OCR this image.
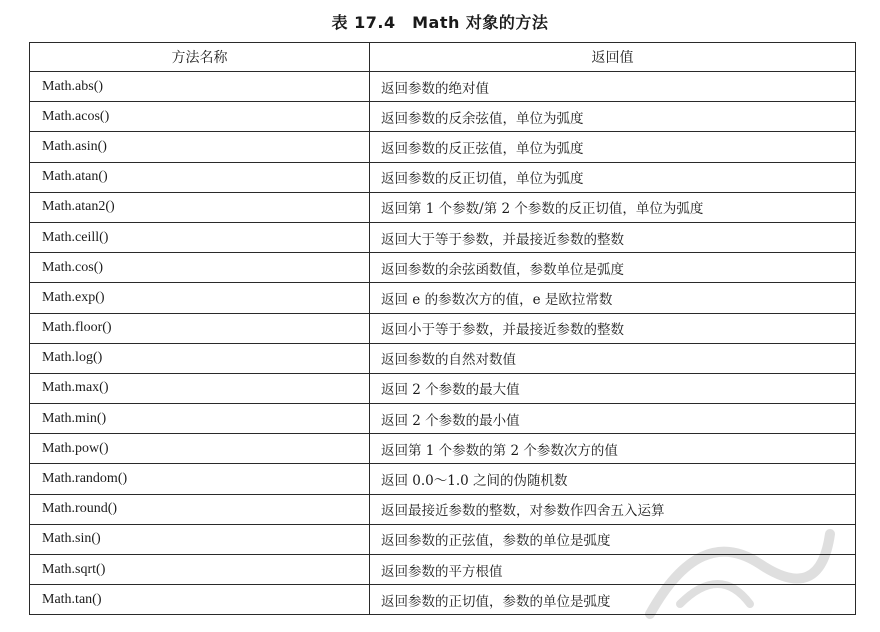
表 17.4　Math 对象的方法
方法名称	返回值
Math.abs()	返回参数的绝对值
Math.acos()	返回参数的反余弦值，单位为弧度
Math.asin()	返回参数的反正弦值，单位为弧度
Math.atan()	返回参数的反正切值，单位为弧度
Math.atan2()	返回第 1 个参数/第 2 个参数的反正切值，单位为弧度
Math.ceill()	返回大于等于参数，并最接近参数的整数
Math.cos()	返回参数的余弦函数值，参数单位是弧度
Math.exp()	返回 e 的参数次方的值，e 是欧拉常数
Math.floor()	返回小于等于参数，并最接近参数的整数
Math.log()	返回参数的自然对数值
Math.max()	返回 2 个参数的最大值
Math.min()	返回 2 个参数的最小值
Math.pow()	返回第 1 个参数的第 2 个参数次方的值
Math.random()	返回 0.0～1.0 之间的伪随机数
Math.round()	返回最接近参数的整数，对参数作四舍五入运算
Math.sin()	返回参数的正弦值，参数的单位是弧度
Math.sqrt()	返回参数的平方根值
Math.tan()	返回参数的正切值，参数的单位是弧度
